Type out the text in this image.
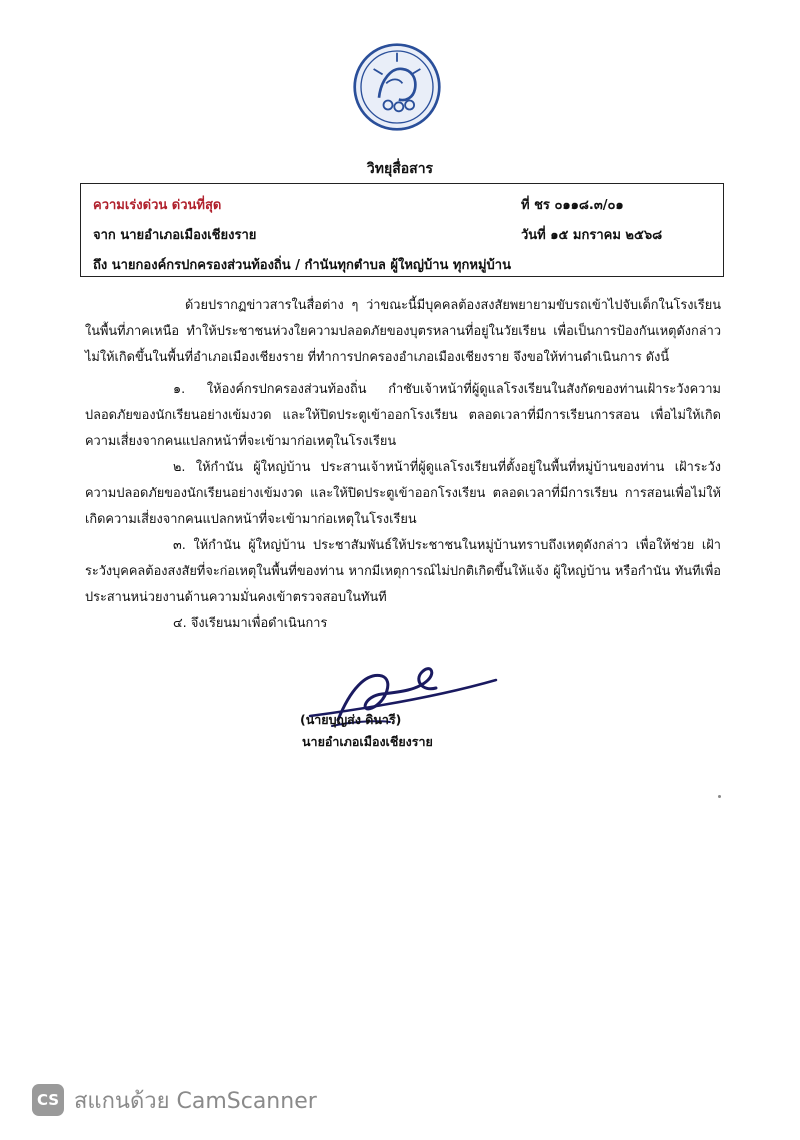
วิทยุสื่อสาร
ความเร่งด่วน ด่วนที่สุด	ที่ ชร ๐๑๑๘.๓/๐๑
จาก นายอำเภอเมืองเชียงราย	วันที่ ๑๕ มกราคม ๒๕๖๘
ถึง นายกองค์กรปกครองส่วนท้องถิ่น / กำนันทุกตำบล ผู้ใหญ่บ้าน ทุกหมู่บ้าน

ด้วยปรากฏข่าวสารในสื่อต่าง ๆ ว่าขณะนี้มีบุคคลต้องสงสัยพยายามขับรถเข้าไปจับเด็กในโรงเรียนในพื้นที่ภาคเหนือ ทำให้ประชาชนห่วงใยความปลอดภัยของบุตรหลานที่อยู่ในวัยเรียน เพื่อเป็นการป้องกันเหตุดังกล่าวไม่ให้เกิดขึ้นในพื้นที่อำเภอเมืองเชียงราย ที่ทำการปกครองอำเภอเมืองเชียงราย จึงขอให้ท่านดำเนินการ ดังนี้

๑. ให้องค์กรปกครองส่วนท้องถิ่น กำชับเจ้าหน้าที่ผู้ดูแลโรงเรียนในสังกัดของท่านเฝ้าระวังความปลอดภัยของนักเรียนอย่างเข้มงวด และให้ปิดประตูเข้าออกโรงเรียน ตลอดเวลาที่มีการเรียนการสอน เพื่อไม่ให้เกิดความเสี่ยงจากคนแปลกหน้าที่จะเข้ามาก่อเหตุในโรงเรียน

๒. ให้กำนัน ผู้ใหญ่บ้าน ประสานเจ้าหน้าที่ผู้ดูแลโรงเรียนที่ตั้งอยู่ในพื้นที่หมู่บ้านของท่าน เฝ้าระวังความปลอดภัยของนักเรียนอย่างเข้มงวด และให้ปิดประตูเข้าออกโรงเรียน ตลอดเวลาที่มีการเรียน การสอนเพื่อไม่ให้เกิดความเสี่ยงจากคนแปลกหน้าที่จะเข้ามาก่อเหตุในโรงเรียน

๓. ให้กำนัน ผู้ใหญ่บ้าน ประชาสัมพันธ์ให้ประชาชนในหมู่บ้านทราบถึงเหตุดังกล่าว เพื่อให้ช่วย เฝ้าระวังบุคคลต้องสงสัยที่จะก่อเหตุในพื้นที่ของท่าน หากมีเหตุการณ์ไม่ปกติเกิดขึ้นให้แจ้ง ผู้ใหญ่บ้าน หรือกำนัน ทันทีเพื่อประสานหน่วยงานด้านความมั่นคงเข้าตรวจสอบในทันที

๔. จึงเรียนมาเพื่อดำเนินการ

(นายบุญส่ง ดินารี)
นายอำเภอเมืองเชียงราย
CS สแกนด้วย CamScanner
